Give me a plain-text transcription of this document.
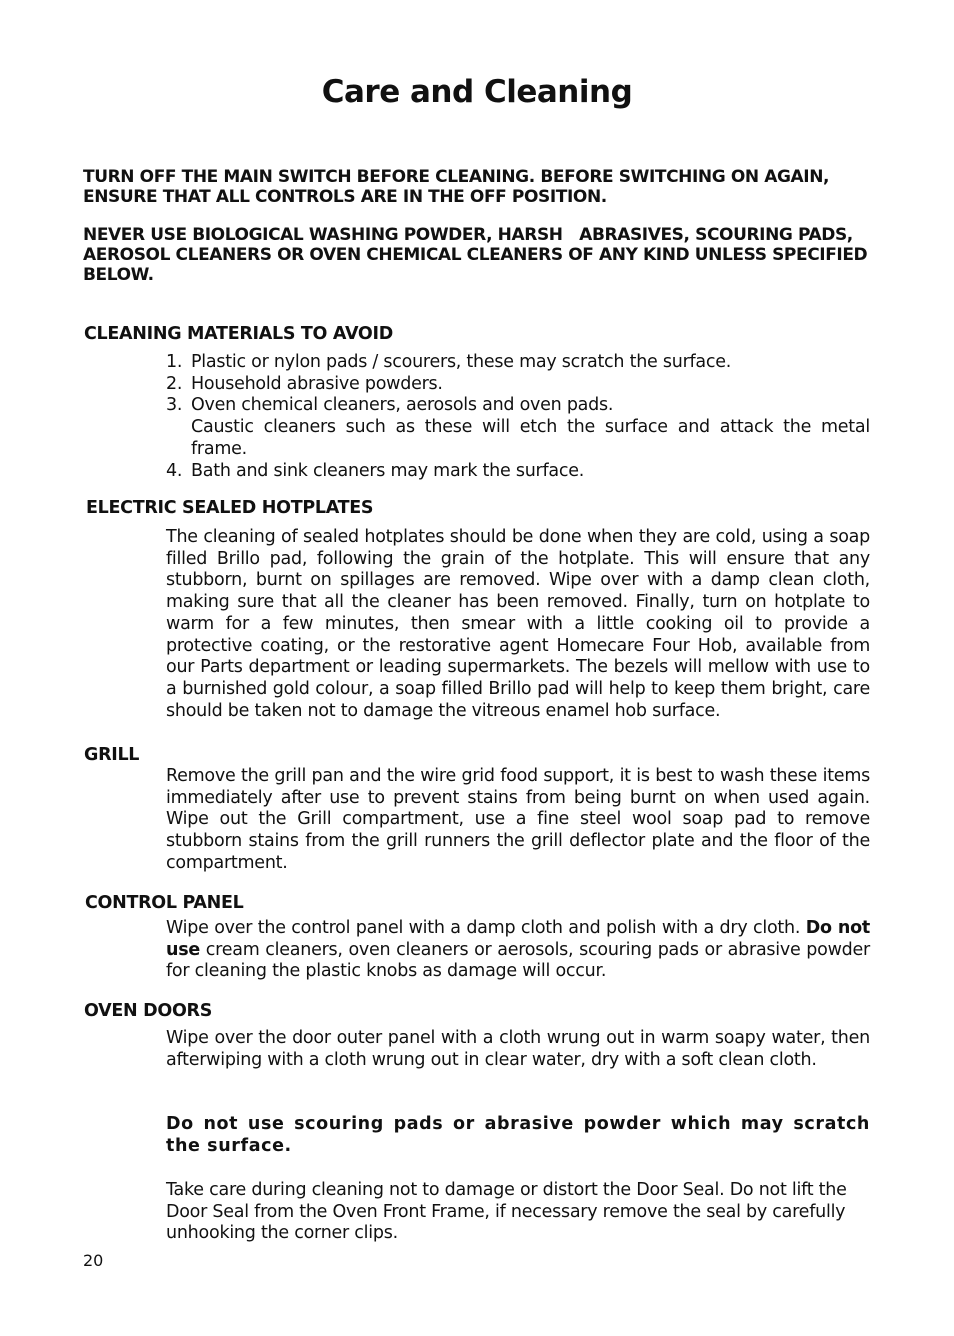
Care and Cleaning

TURN OFF THE MAIN SWITCH BEFORE CLEANING. BEFORE SWITCHING ON AGAIN, ENSURE THAT ALL CONTROLS ARE IN THE OFF POSITION.

NEVER USE BIOLOGICAL WASHING POWDER, HARSH   ABRASIVES, SCOURING PADS, AEROSOL CLEANERS OR OVEN CHEMICAL CLEANERS OF ANY KIND UNLESS SPECIFIED BELOW.

CLEANING MATERIALS TO AVOID

1. Plastic or nylon pads / scourers, these may scratch the surface.
2. Household abrasive powders.
3. Oven chemical cleaners, aerosols and oven pads.
Caustic cleaners such as these will etch the surface and attack the metal frame.
4. Bath and sink cleaners may mark the surface.

ELECTRIC SEALED HOTPLATES

The cleaning of sealed hotplates should be done when they are cold, using a soap filled Brillo pad, following the grain of the hotplate. This will ensure that any stubborn, burnt on spillages are removed. Wipe over with a damp clean cloth, making sure that all the cleaner has been removed. Finally, turn on hotplate to warm for a few minutes, then smear with a little cooking oil to provide a protective coating, or the restorative agent Homecare Four Hob, available from our Parts department or leading supermarkets. The bezels will mellow with use to a burnished gold colour, a soap filled Brillo pad will help to keep them bright, care should be taken not to damage the vitreous enamel hob surface.

GRILL

Remove the grill pan and the wire grid food support, it is best to wash these items immediately after use to prevent stains from being burnt on when used again. Wipe out the Grill compartment, use a fine steel wool soap pad to remove stubborn stains from the grill runners the grill deflector plate and the floor of the compartment.

CONTROL PANEL

Wipe over the control panel with a damp cloth and polish with a dry cloth. Do not use cream cleaners, oven cleaners or aerosols, scouring pads or abrasive powder for cleaning the plastic knobs as damage will occur.

OVEN DOORS

Wipe over the door outer panel with a cloth wrung out in warm soapy water, then afterwiping with a cloth wrung out in clear water, dry with a soft clean cloth.

Do not use scouring pads or abrasive powder which may scratch the surface.

Take care during cleaning not to damage or distort the Door Seal. Do not lift the Door Seal from the Oven Front Frame, if necessary remove the seal by carefully unhooking the corner clips.

20
